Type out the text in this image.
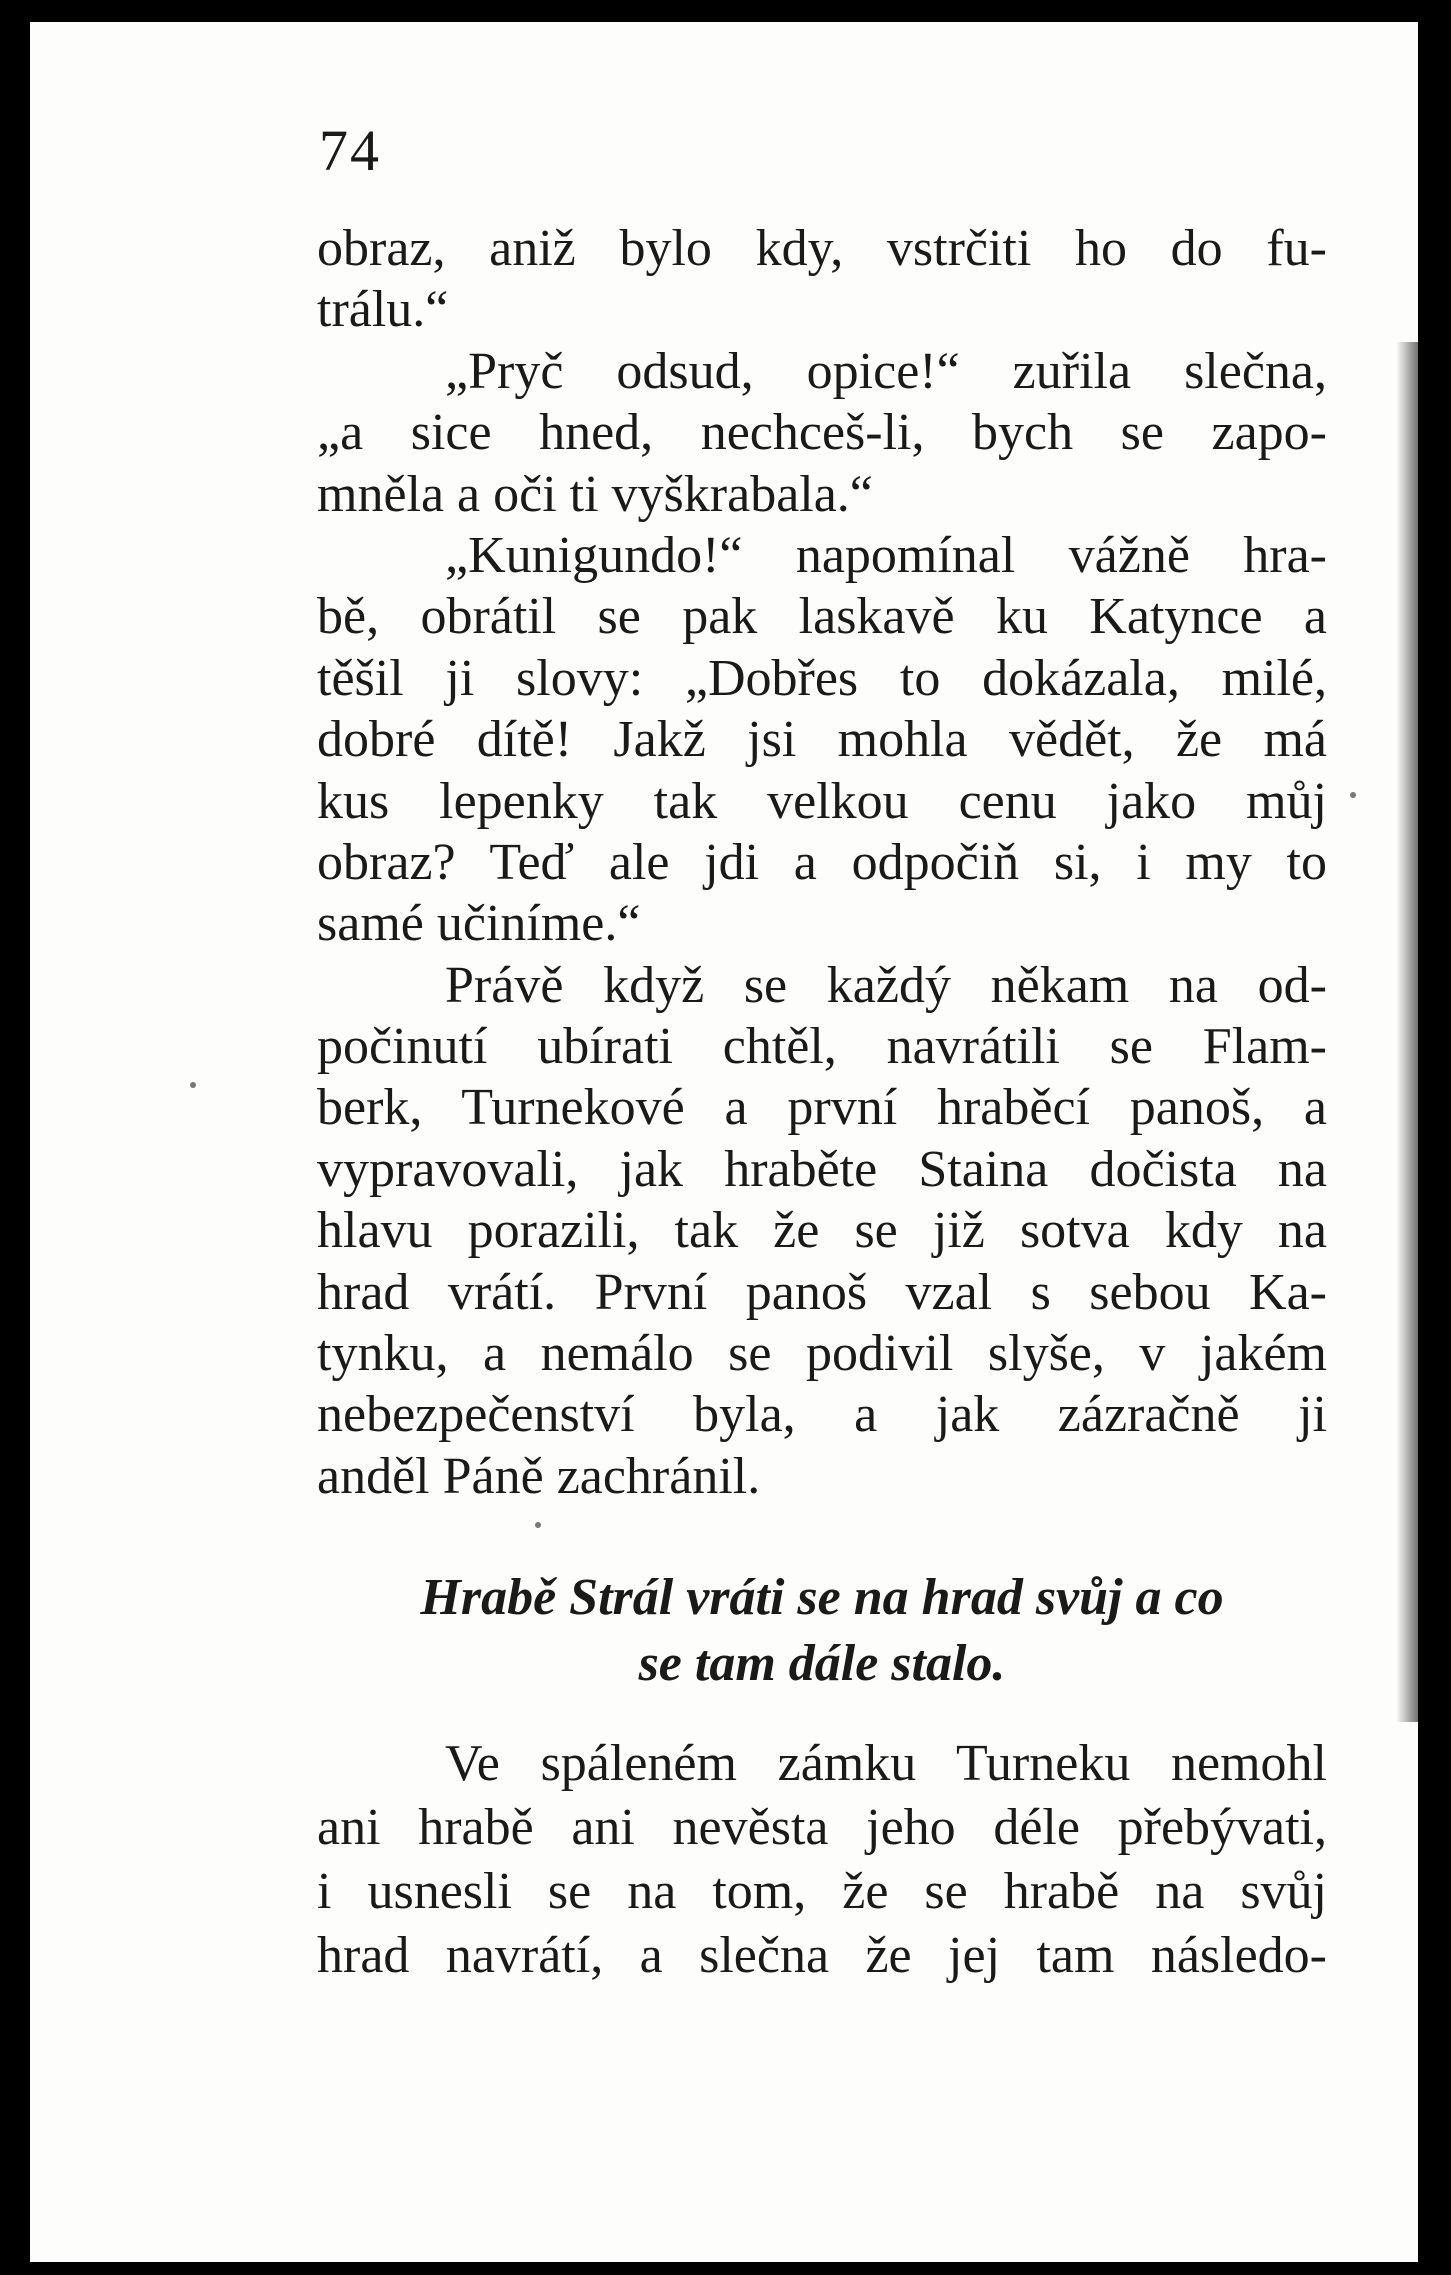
74
obraz, aniž bylo kdy, vstrčiti ho do fu-
trálu.“
„Pryč odsud, opice!“ zuřila slečna,
„a sice hned, nechceš-li, bych se zapo-
mněla a oči ti vyškrabala.“
„Kunigundo!“ napomínal vážně hra-
bě, obrátil se pak laskavě ku Katynce a
těšil ji slovy: „Dobřes to dokázala, milé,
dobré dítě! Jakž jsi mohla vědět, že má
kus lepenky tak velkou cenu jako můj
obraz? Teď ale jdi a odpočiň si, i my to
samé učiníme.“
Právě když se každý někam na od-
počinutí ubírati chtěl, navrátili se Flam-
berk, Turnekové a první hraběcí panoš, a
vypravovali, jak hraběte Staina dočista na
hlavu porazili, tak že se již sotva kdy na
hrad vrátí. První panoš vzal s sebou Ka-
tynku, a nemálo se podivil slyše, v jakém
nebezpečenství byla, a jak zázračně ji
anděl Páně zachránil.
Hrabě Strál vráti se na hrad svůj a co
se tam dále stalo.
Ve spáleném zámku Turneku nemohl
ani hrabě ani nevěsta jeho déle přebývati,
i usnesli se na tom, že se hrabě na svůj
hrad navrátí, a slečna že jej tam následo-
